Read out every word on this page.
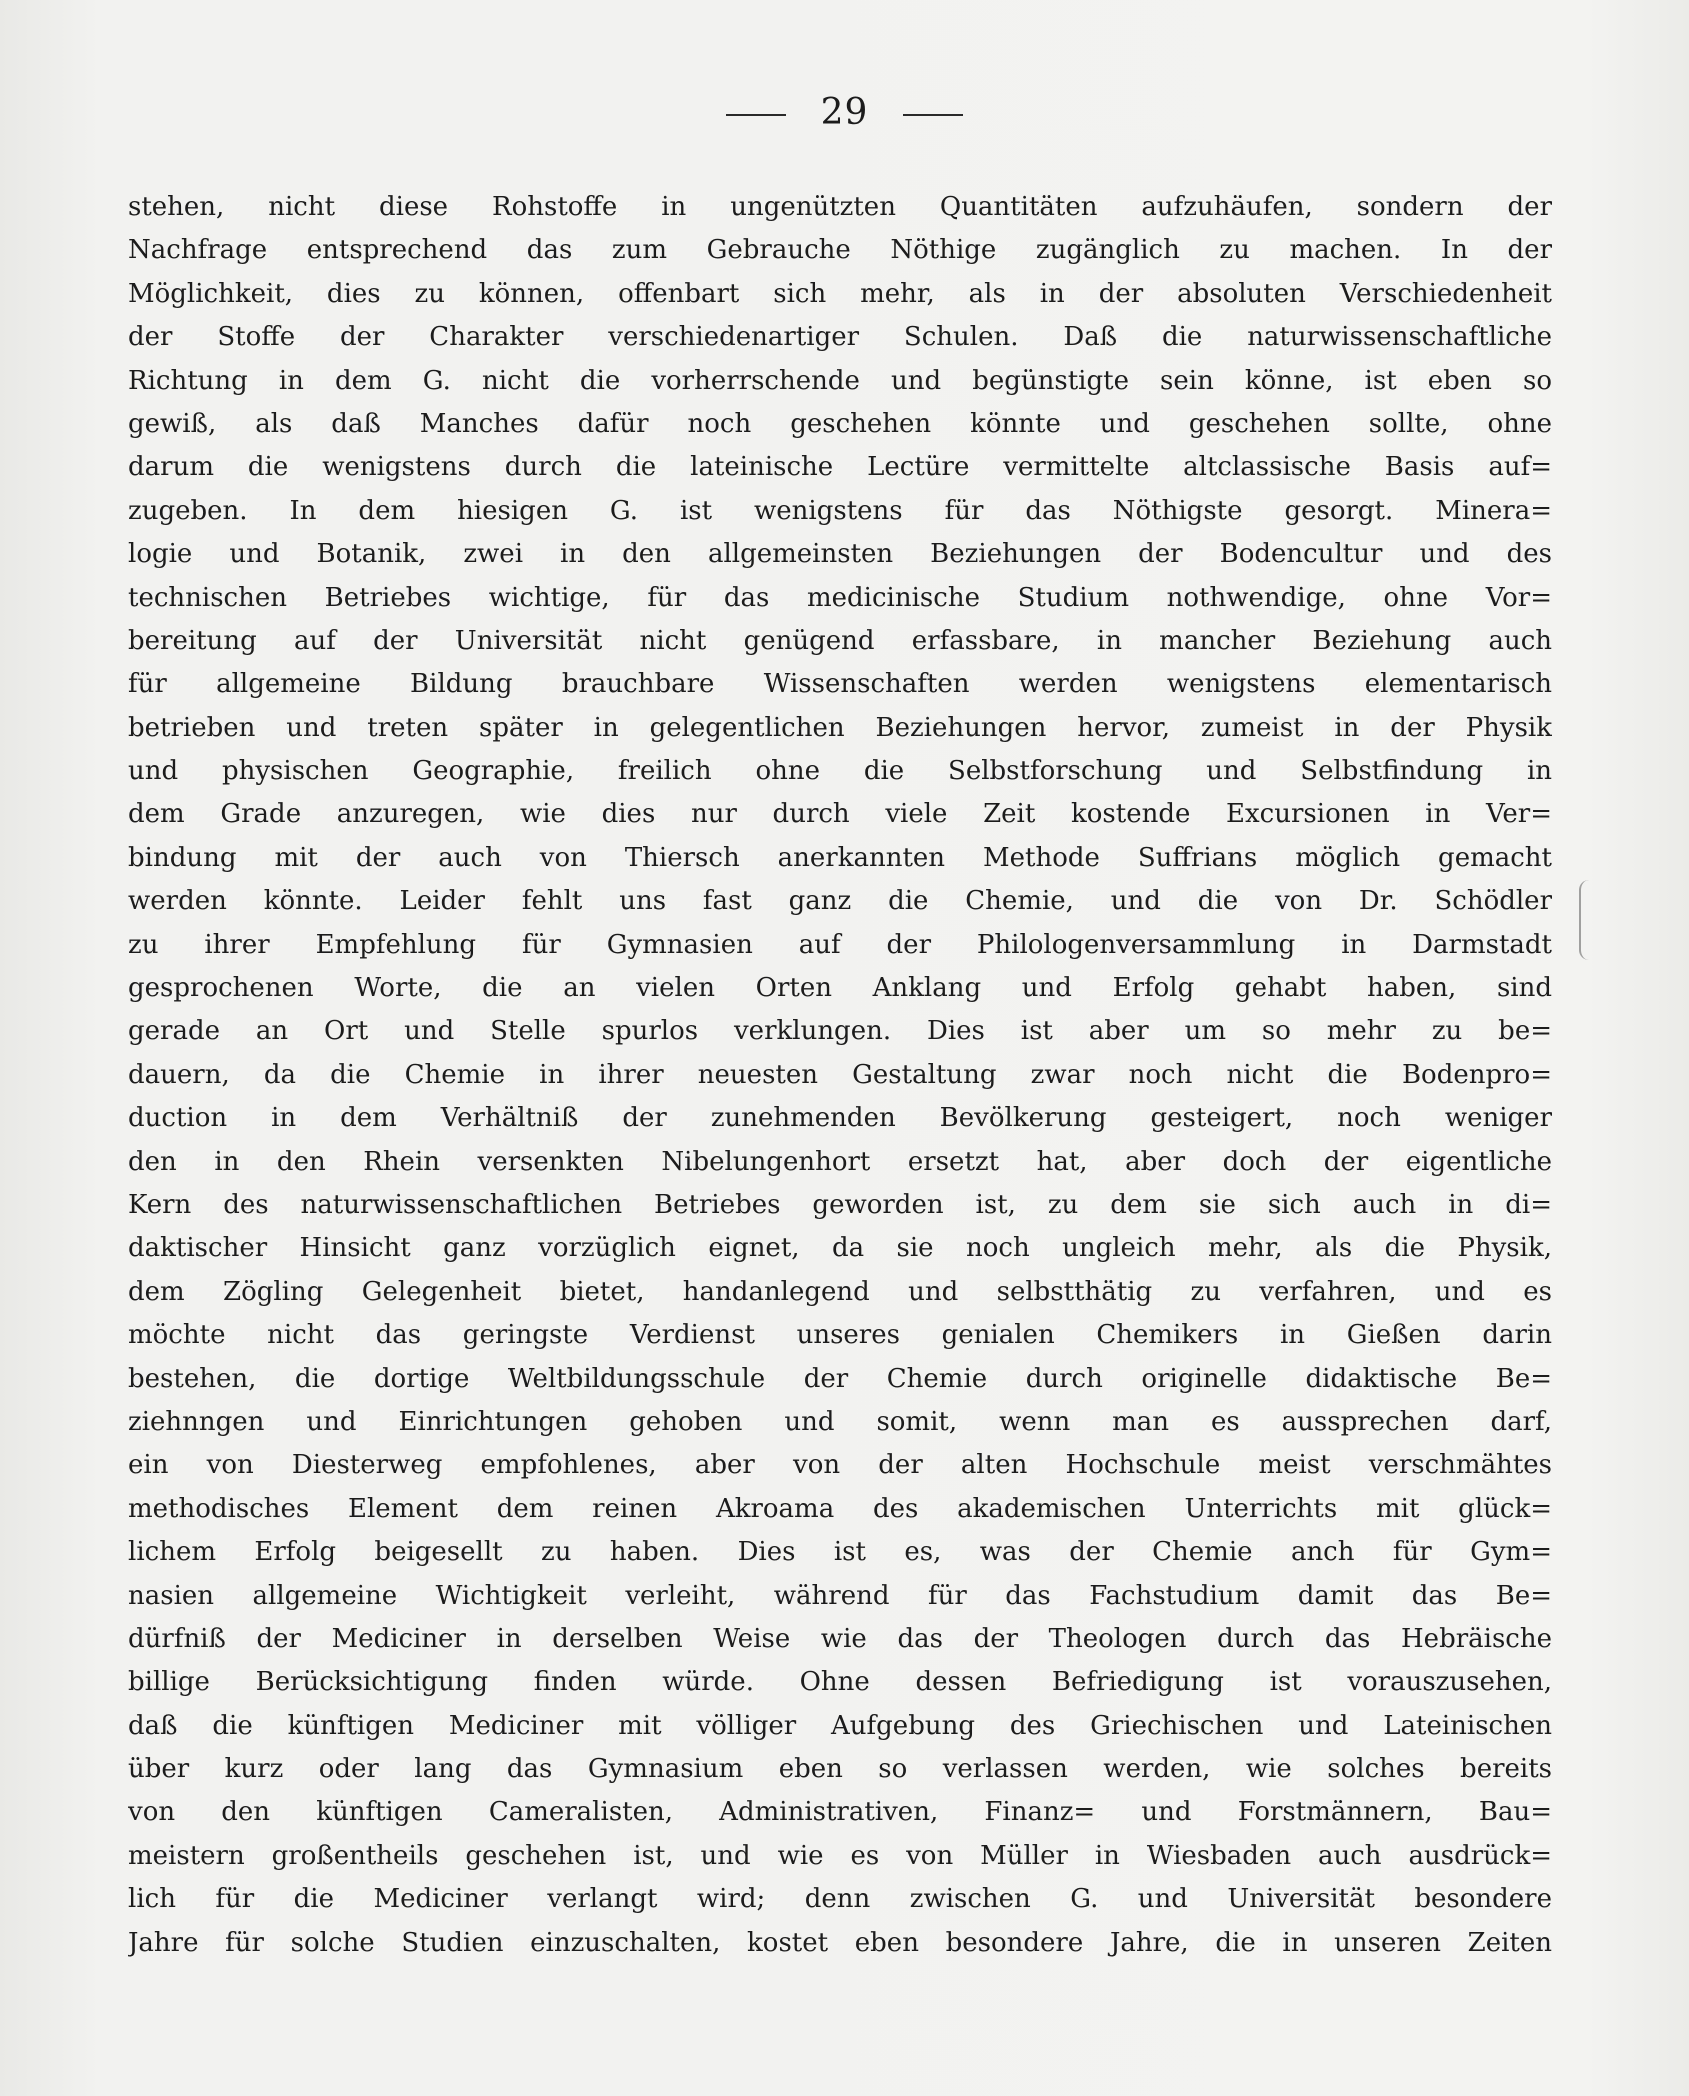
29
stehen, nicht diese Rohstoffe in ungenützten Quantitäten aufzuhäufen, sondern der
Nachfrage entsprechend das zum Gebrauche Nöthige zugänglich zu machen. In der
Möglichkeit, dies zu können, offenbart sich mehr, als in der absoluten Verschiedenheit
der Stoffe der Charakter verschiedenartiger Schulen. Daß die naturwissenschaftliche
Richtung in dem G. nicht die vorherrschende und begünstigte sein könne, ist eben so
gewiß, als daß Manches dafür noch geschehen könnte und geschehen sollte, ohne
darum die wenigstens durch die lateinische Lectüre vermittelte altclassische Basis auf=
zugeben. In dem hiesigen G. ist wenigstens für das Nöthigste gesorgt. Minera=
logie und Botanik, zwei in den allgemeinsten Beziehungen der Bodencultur und des
technischen Betriebes wichtige, für das medicinische Studium nothwendige, ohne Vor=
bereitung auf der Universität nicht genügend erfassbare, in mancher Beziehung auch
für allgemeine Bildung brauchbare Wissenschaften werden wenigstens elementarisch
betrieben und treten später in gelegentlichen Beziehungen hervor, zumeist in der Physik
und physischen Geographie, freilich ohne die Selbstforschung und Selbstfindung in
dem Grade anzuregen, wie dies nur durch viele Zeit kostende Excursionen in Ver=
bindung mit der auch von Thiersch anerkannten Methode Suffrians möglich gemacht
werden könnte. Leider fehlt uns fast ganz die Chemie, und die von Dr. Schödler
zu ihrer Empfehlung für Gymnasien auf der Philologenversammlung in Darmstadt
gesprochenen Worte, die an vielen Orten Anklang und Erfolg gehabt haben, sind
gerade an Ort und Stelle spurlos verklungen. Dies ist aber um so mehr zu be=
dauern, da die Chemie in ihrer neuesten Gestaltung zwar noch nicht die Bodenpro=
duction in dem Verhältniß der zunehmenden Bevölkerung gesteigert, noch weniger
den in den Rhein versenkten Nibelungenhort ersetzt hat, aber doch der eigentliche
Kern des naturwissenschaftlichen Betriebes geworden ist, zu dem sie sich auch in di=
daktischer Hinsicht ganz vorzüglich eignet, da sie noch ungleich mehr, als die Physik,
dem Zögling Gelegenheit bietet, handanlegend und selbstthätig zu verfahren, und es
möchte nicht das geringste Verdienst unseres genialen Chemikers in Gießen darin
bestehen, die dortige Weltbildungsschule der Chemie durch originelle didaktische Be=
ziehnngen und Einrichtungen gehoben und somit, wenn man es aussprechen darf,
ein von Diesterweg empfohlenes, aber von der alten Hochschule meist verschmähtes
methodisches Element dem reinen Akroama des akademischen Unterrichts mit glück=
lichem Erfolg beigesellt zu haben. Dies ist es, was der Chemie anch für Gym=
nasien allgemeine Wichtigkeit verleiht, während für das Fachstudium damit das Be=
dürfniß der Mediciner in derselben Weise wie das der Theologen durch das Hebräische
billige Berücksichtigung finden würde. Ohne dessen Befriedigung ist vorauszusehen,
daß die künftigen Mediciner mit völliger Aufgebung des Griechischen und Lateinischen
über kurz oder lang das Gymnasium eben so verlassen werden, wie solches bereits
von den künftigen Cameralisten, Administrativen, Finanz= und Forstmännern, Bau=
meistern großentheils geschehen ist, und wie es von Müller in Wiesbaden auch ausdrück=
lich für die Mediciner verlangt wird; denn zwischen G. und Universität besondere
Jahre für solche Studien einzuschalten, kostet eben besondere Jahre, die in unseren Zeiten
